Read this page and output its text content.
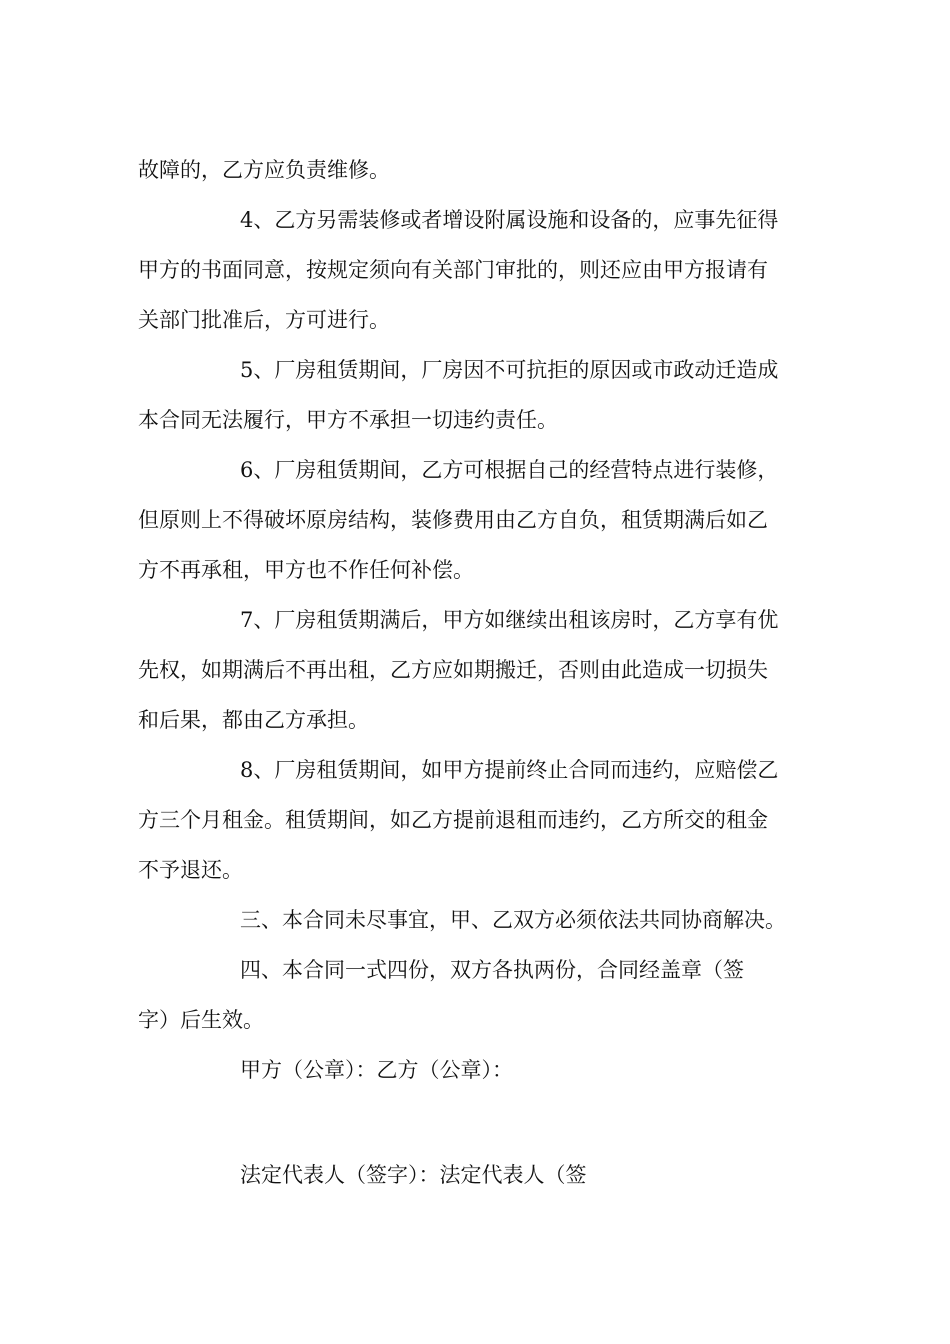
故障的，乙方应负责维修。
4、乙方另需装修或者增设附属设施和设备的，应事先征得
甲方的书面同意，按规定须向有关部门审批的，则还应由甲方报请有
关部门批准后，方可进行。
5、厂房租赁期间，厂房因不可抗拒的原因或市政动迁造成
本合同无法履行，甲方不承担一切违约责任。
6、厂房租赁期间，乙方可根据自己的经营特点进行装修，
但原则上不得破坏原房结构，装修费用由乙方自负，租赁期满后如乙
方不再承租，甲方也不作任何补偿。
7、厂房租赁期满后，甲方如继续出租该房时，乙方享有优
先权，如期满后不再出租，乙方应如期搬迁，否则由此造成一切损失
和后果，都由乙方承担。
8、厂房租赁期间，如甲方提前终止合同而违约，应赔偿乙
方三个月租金。租赁期间，如乙方提前退租而违约，乙方所交的租金
不予退还。
三、本合同未尽事宜，甲、乙双方必须依法共同协商解决。
四、本合同一式四份，双方各执两份，合同经盖章（签
字）后生效。
甲方（公章）：乙方（公章）：
法定代表人（签字）：法定代表人（签
